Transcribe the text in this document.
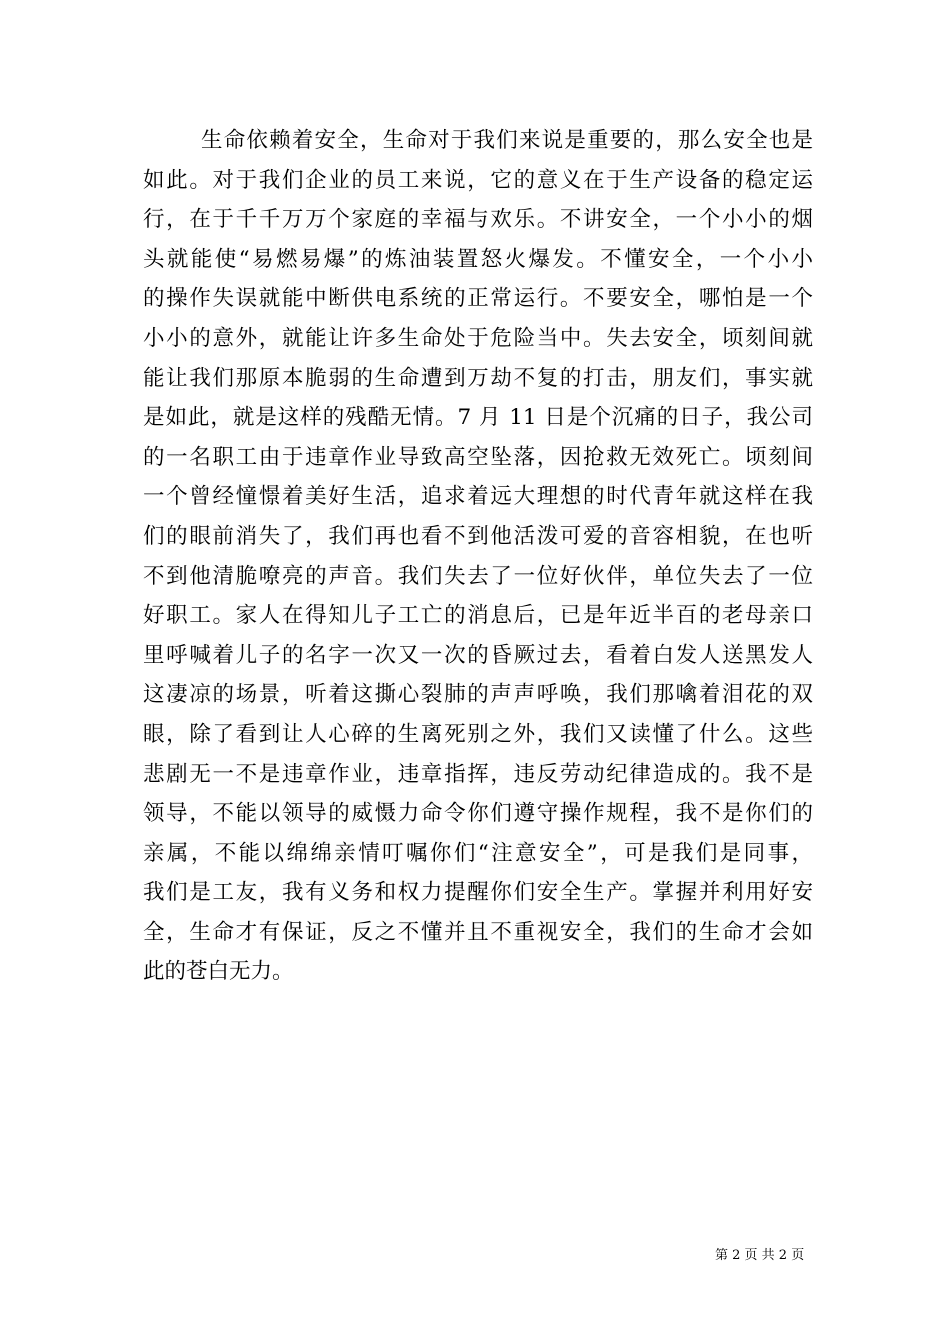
生命依赖着安全，生命对于我们来说是重要的，那么安全也是
如此。对于我们企业的员工来说，它的意义在于生产设备的稳定运
行，在于千千万万个家庭的幸福与欢乐。不讲安全，一个小小的烟
头就能使“易燃易爆”的炼油装置怒火爆发。不懂安全，一个小小
的操作失误就能中断供电系统的正常运行。不要安全，哪怕是一个
小小的意外，就能让许多生命处于危险当中。失去安全，顷刻间就
能让我们那原本脆弱的生命遭到万劫不复的打击，朋友们，事实就
是如此，就是这样的残酷无情。7 月 11 日是个沉痛的日子，我公司
的一名职工由于违章作业导致高空坠落，因抢救无效死亡。顷刻间
一个曾经憧憬着美好生活，追求着远大理想的时代青年就这样在我
们的眼前消失了，我们再也看不到他活泼可爱的音容相貌，在也听
不到他清脆嘹亮的声音。我们失去了一位好伙伴，单位失去了一位
好职工。家人在得知儿子工亡的消息后，已是年近半百的老母亲口
里呼喊着儿子的名字一次又一次的昏厥过去，看着白发人送黑发人
这凄凉的场景，听着这撕心裂肺的声声呼唤，我们那噙着泪花的双
眼，除了看到让人心碎的生离死别之外，我们又读懂了什么。这些
悲剧无一不是违章作业，违章指挥，违反劳动纪律造成的。我不是
领导，不能以领导的威慑力命令你们遵守操作规程，我不是你们的
亲属，不能以绵绵亲情叮嘱你们“注意安全”，可是我们是同事，
我们是工友，我有义务和权力提醒你们安全生产。掌握并利用好安
全，生命才有保证，反之不懂并且不重视安全，我们的生命才会如
此的苍白无力。
第 2 页 共 2 页
